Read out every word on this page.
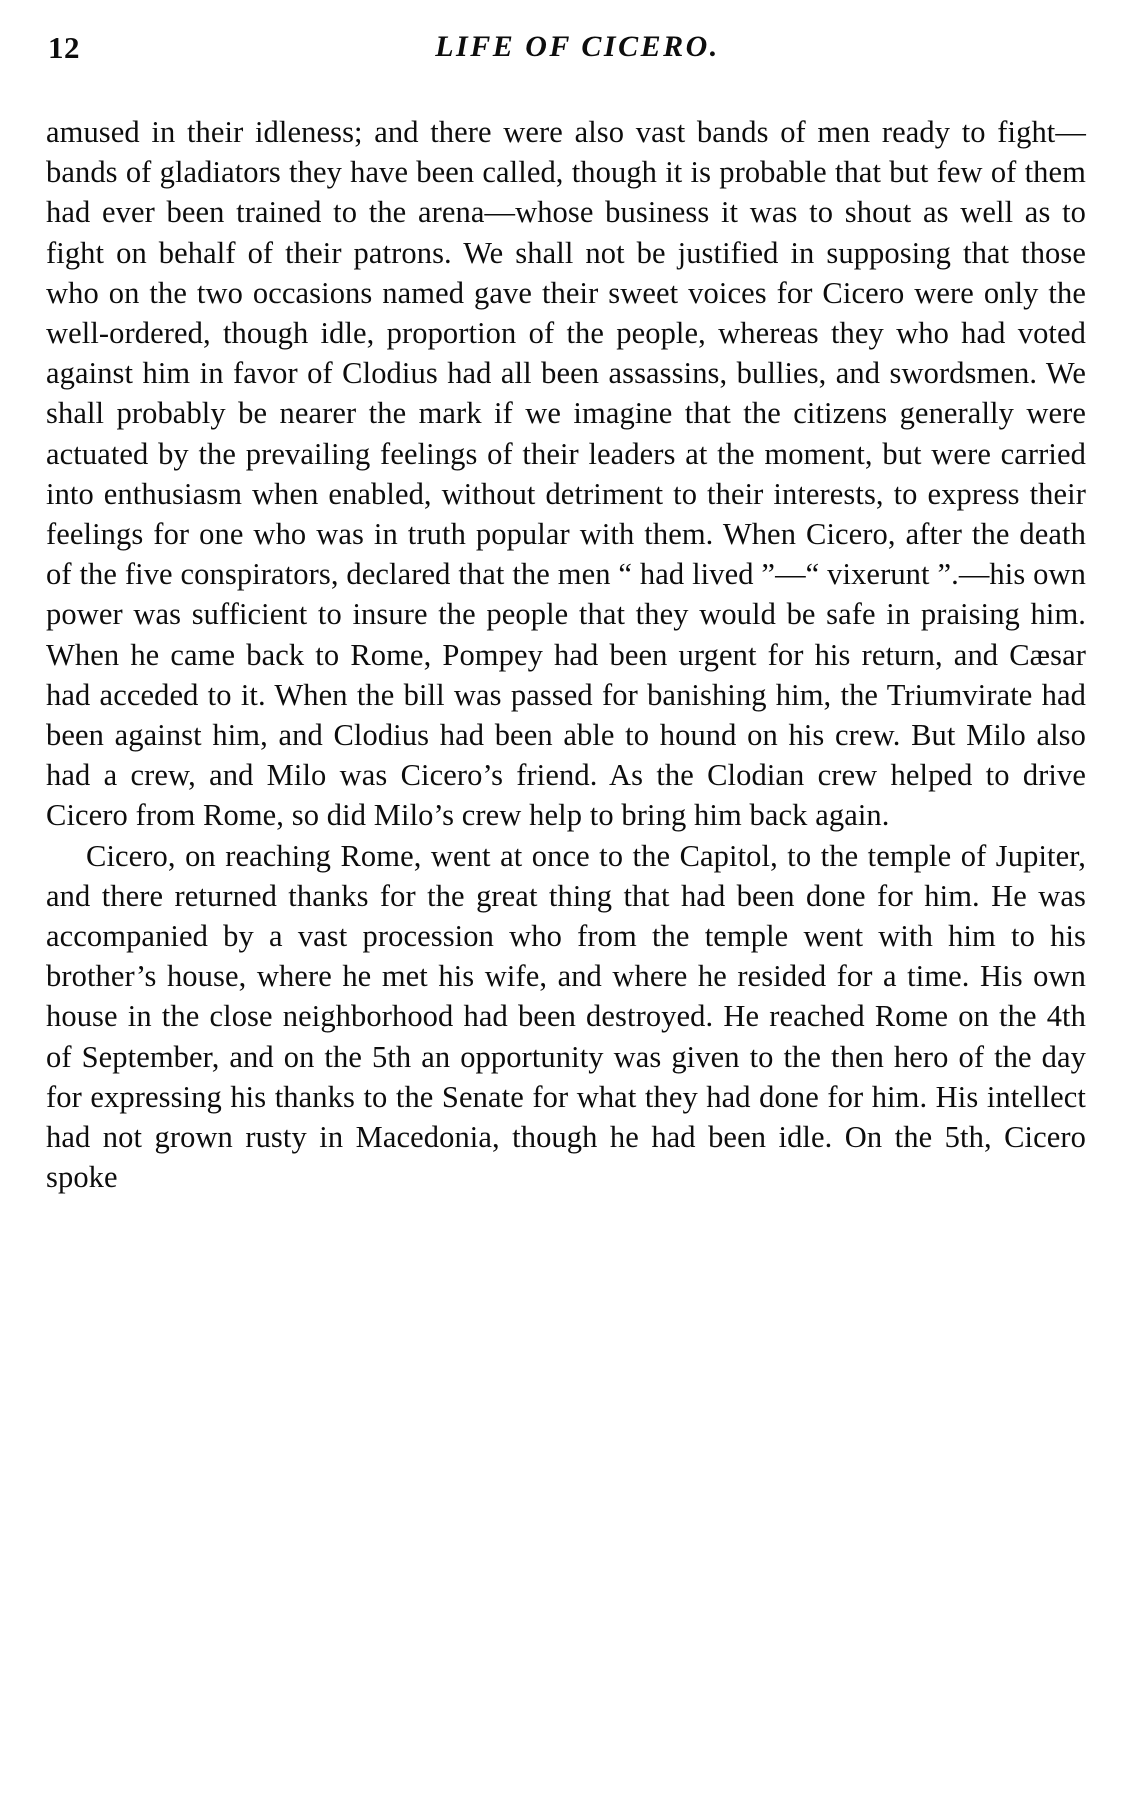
12	LIFE OF CICERO.

amused in their idleness; and there were also vast bands of men ready to fight—bands of gladiators they have been called, though it is probable that but few of them had ever been trained to the arena—whose business it was to shout as well as to fight on behalf of their patrons. We shall not be justified in supposing that those who on the two occasions named gave their sweet voices for Cicero were only the well-ordered, though idle, proportion of the people, whereas they who had voted against him in favor of Clodius had all been assassins, bullies, and swordsmen. We shall probably be nearer the mark if we imagine that the citizens generally were actuated by the prevailing feelings of their leaders at the moment, but were carried into enthusiasm when enabled, without detriment to their interests, to express their feelings for one who was in truth popular with them. When Cicero, after the death of the five conspirators, declared that the men “ had lived ”—“ vixerunt ”.—his own power was sufficient to insure the people that they would be safe in praising him. When he came back to Rome, Pompey had been urgent for his return, and Cæsar had acceded to it. When the bill was passed for banishing him, the Triumvirate had been against him, and Clodius had been able to hound on his crew. But Milo also had a crew, and Milo was Cicero’s friend. As the Clodian crew helped to drive Cicero from Rome, so did Milo’s crew help to bring him back again.

Cicero, on reaching Rome, went at once to the Capitol, to the temple of Jupiter, and there returned thanks for the great thing that had been done for him. He was accompanied by a vast procession who from the temple went with him to his brother’s house, where he met his wife, and where he resided for a time. His own house in the close neighborhood had been destroyed. He reached Rome on the 4th of September, and on the 5th an opportunity was given to the then hero of the day for expressing his thanks to the Senate for what they had done for him. His intellect had not grown rusty in Macedonia, though he had been idle. On the 5th, Cicero spoke
